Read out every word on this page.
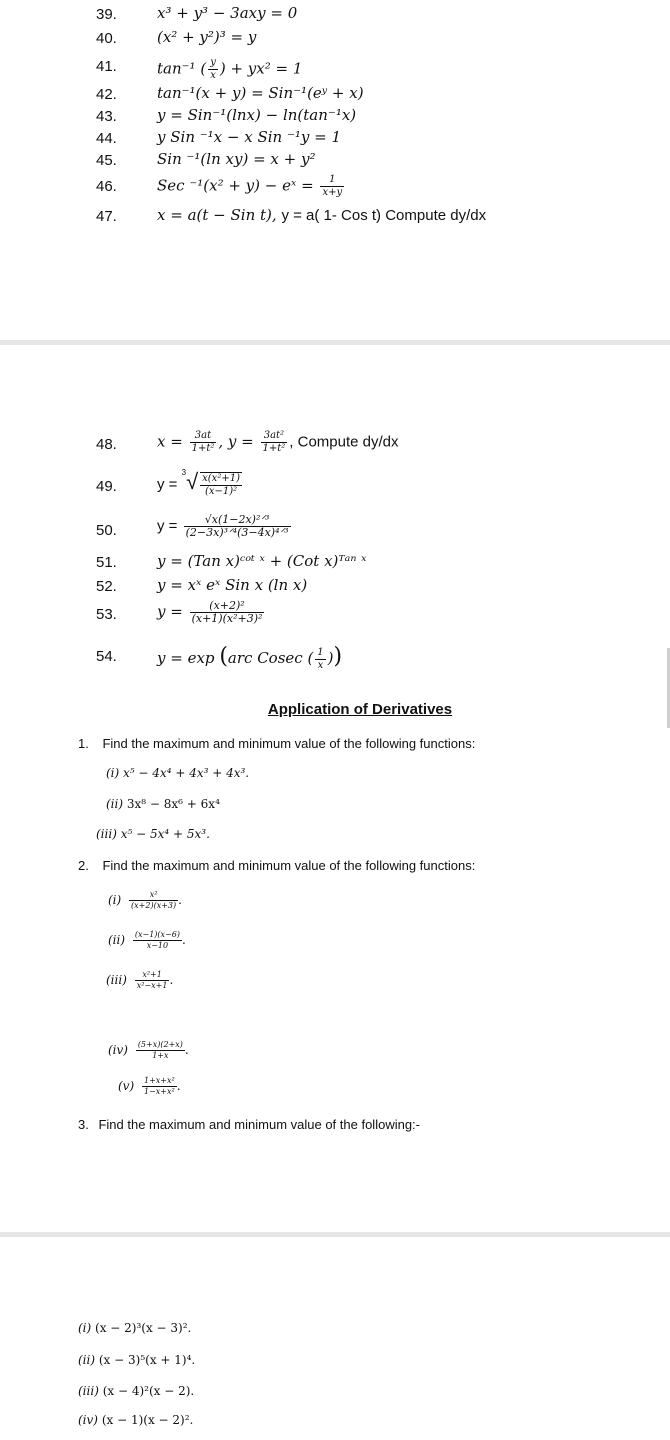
39.	x³ + y³ − 3axy = 0
40.	(x² + y²)³ = y
41.	tan⁻¹ ( $\frac{y}{x}$ ) + yx² = 1
42.	tan⁻¹(x + y) = Sin⁻¹(eʸ + x)
43.	y = Sin⁻¹(lnx) − ln(tan⁻¹x)
44.	y Sin ⁻¹x − x Sin ⁻¹y = 1
45.	Sin ⁻¹(ln xy) = x + y²
46.	Sec ⁻¹(x² + y) − eˣ = $\frac{1}{x+y}$
47.	x = a(t − Sin t), y = a( 1- Cos t) Compute dy/dx
48.	$x = \frac{3at}{\text{1+t²}}$ , $y = \frac{\text{3at²}}{\text{1+t²}}$ , Compute dy/dx
49.	$y = ^3√ \frac{\text{x(x²+1)}}{\text{(x−1)²}}$
50.	$y = \frac{\text{√x(1−2x)²ᐟ³}}{\text{(2−3x)³ᐟ⁴(3−4x)⁴ᐟ³}}$
51.	y = (Tan x)ᶜᵒᵗ ˣ + (Cot x)ᵀᵃⁿ ˣ
52.	y = xˣ eˣ Sin x (ln x)
53.	$y = \frac{\text{(x+2)²}}{\text{(x+1)(x²+3)²}}$
54.	y = exp (arc Cosec ( $\frac{1}{x}$ ))
Application of Derivatives
1. Find the maximum and minimum value of the following functions:
(i) x⁵ − 4x⁴ + 4x³ + 4x³.
(ii) 3x⁸ − 8x⁶ + 6x⁴
(iii) x⁵ − 5x⁴ + 5x³.
2. Find the maximum and minimum value of the following functions:
$(i) \frac{\text{x²}}{(x+2)(x+3)}$ .
$(ii) \frac{(x-1)(x-6)}{x-10}$ .
$(iii) \frac{\text{x²+1}}{\text{x²−x+1}}$ .
$(iv) \frac{(5+x)(2+x)}{1+x}$ .
$(v) \frac{\text{1+x+x²}}{\text{1−x+x²}}$ .
3. Find the maximum and minimum value of the following:-
(i) (x − 2)³(x − 3)².
(ii) (x − 3)⁵(x + 1)⁴.
(iii) (x − 4)²(x − 2).
(iv) (x − 1)(x − 2)².
